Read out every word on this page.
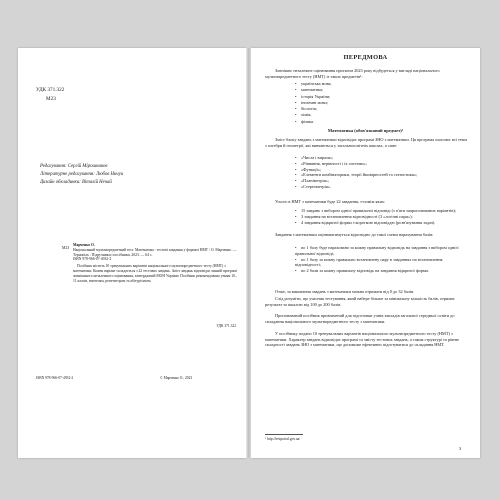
УДК 371.322

М23

Редагування: Сергій Мірошников
Літературне редагування: Любов Ничуи
Дизайн обкладинки: Віталій Нечай
М23
Марченко О.
Національний мультипредметний тест. Математика : тестові завдання у форматі НМТ / О. Марченко. — Тернопіль : Підручники і посібники, 2023. — 64 с.
ISBN 978-966-07-4932-2
Посібник містить 10 тренувальних варіантів національного мультипредметного тесту (НМТ) з математики. Кожен варіант складається з 22 тестових завдань. Зміст завдань відповідає чинній програмі зовнішнього незалежного оцінювання, затвердженій МОН України. Посібник рекомендовано учням 10–11 класів, вчителям, репетиторам та абітурієнтам.
УДК 371.322

ISBN 978-966-07-4932-2	© Марченко О., 2023

ПЕРЕДМОВА

Зовнішнє незалежне оцінювання протягом 2023 року відбудеться у вигляді національного мультипредметного тесту (НМТ) із таких предметів¹:
• українська мова;
• математика;
• історія України;
• іноземні мови;
• біологія;
• хімія;
• фізика.

Математика (обов'язковий предмет)¹

Зміст блоку завдань з математики відповідає програмі ЗНО з математики. Ця програма охоплює всі теми з алгебри й геометрії, які вивчаються у загальноосвітніх школах, а саме:
• «Числа і вирази»;
• «Рівняння, нерівності і їх системи»;
• «Функції»;
• «Елементи комбінаторики, теорії ймовірностей та статистики»;
• «Планіметрія»;
• «Стереометрія».
Усього в НМТ з математики буде 22 завдання, з-поміж яких:
• 15 завдань з вибором однієї правильної відповіді (з п'яти запропонованих варіантів);
• 3 завдання на встановлення відповідності (3 «логічні пари»);
• 4 завдання відкритої форми з короткою відповіддю (розв'язування задач).
Завдання з математики оцінюватимуться відповідно до такої схеми нарахування балів:
• по 1 балу буде нараховано за кожну правильну відповідь на завдання з вибором однієї правильної відповіді;
• по 1 балу за кожну правильно встановлену пару в завданнях на встановлення відповідності;
• по 2 бали за кожну правильну відповідь на завдання відкритої форми.
Отже, за виконання завдань з математики можна отримати від 0 до 32 балів.
Слід розуміти, що учасник тестування, який набере більше за мінімальну кількість балів, отримає результат за шкалою від 100 до 200 балів.
Пропонований посібник призначений для підготовки учнів закладів загальної середньої освіти до складання національного мультипредметного тесту з математики.
У посібнику подано 10 тренувальних варіантів національного мультипредметного тесту (НМТ) з математики. Характер завдань відповідає програмі та змісту тестових завдань, а також структурі та рівню складності завдань ЗНО з математики, що допоможе ефективно підготуватися до складання НМТ.

¹ http://testportal.gov.ua/

3
